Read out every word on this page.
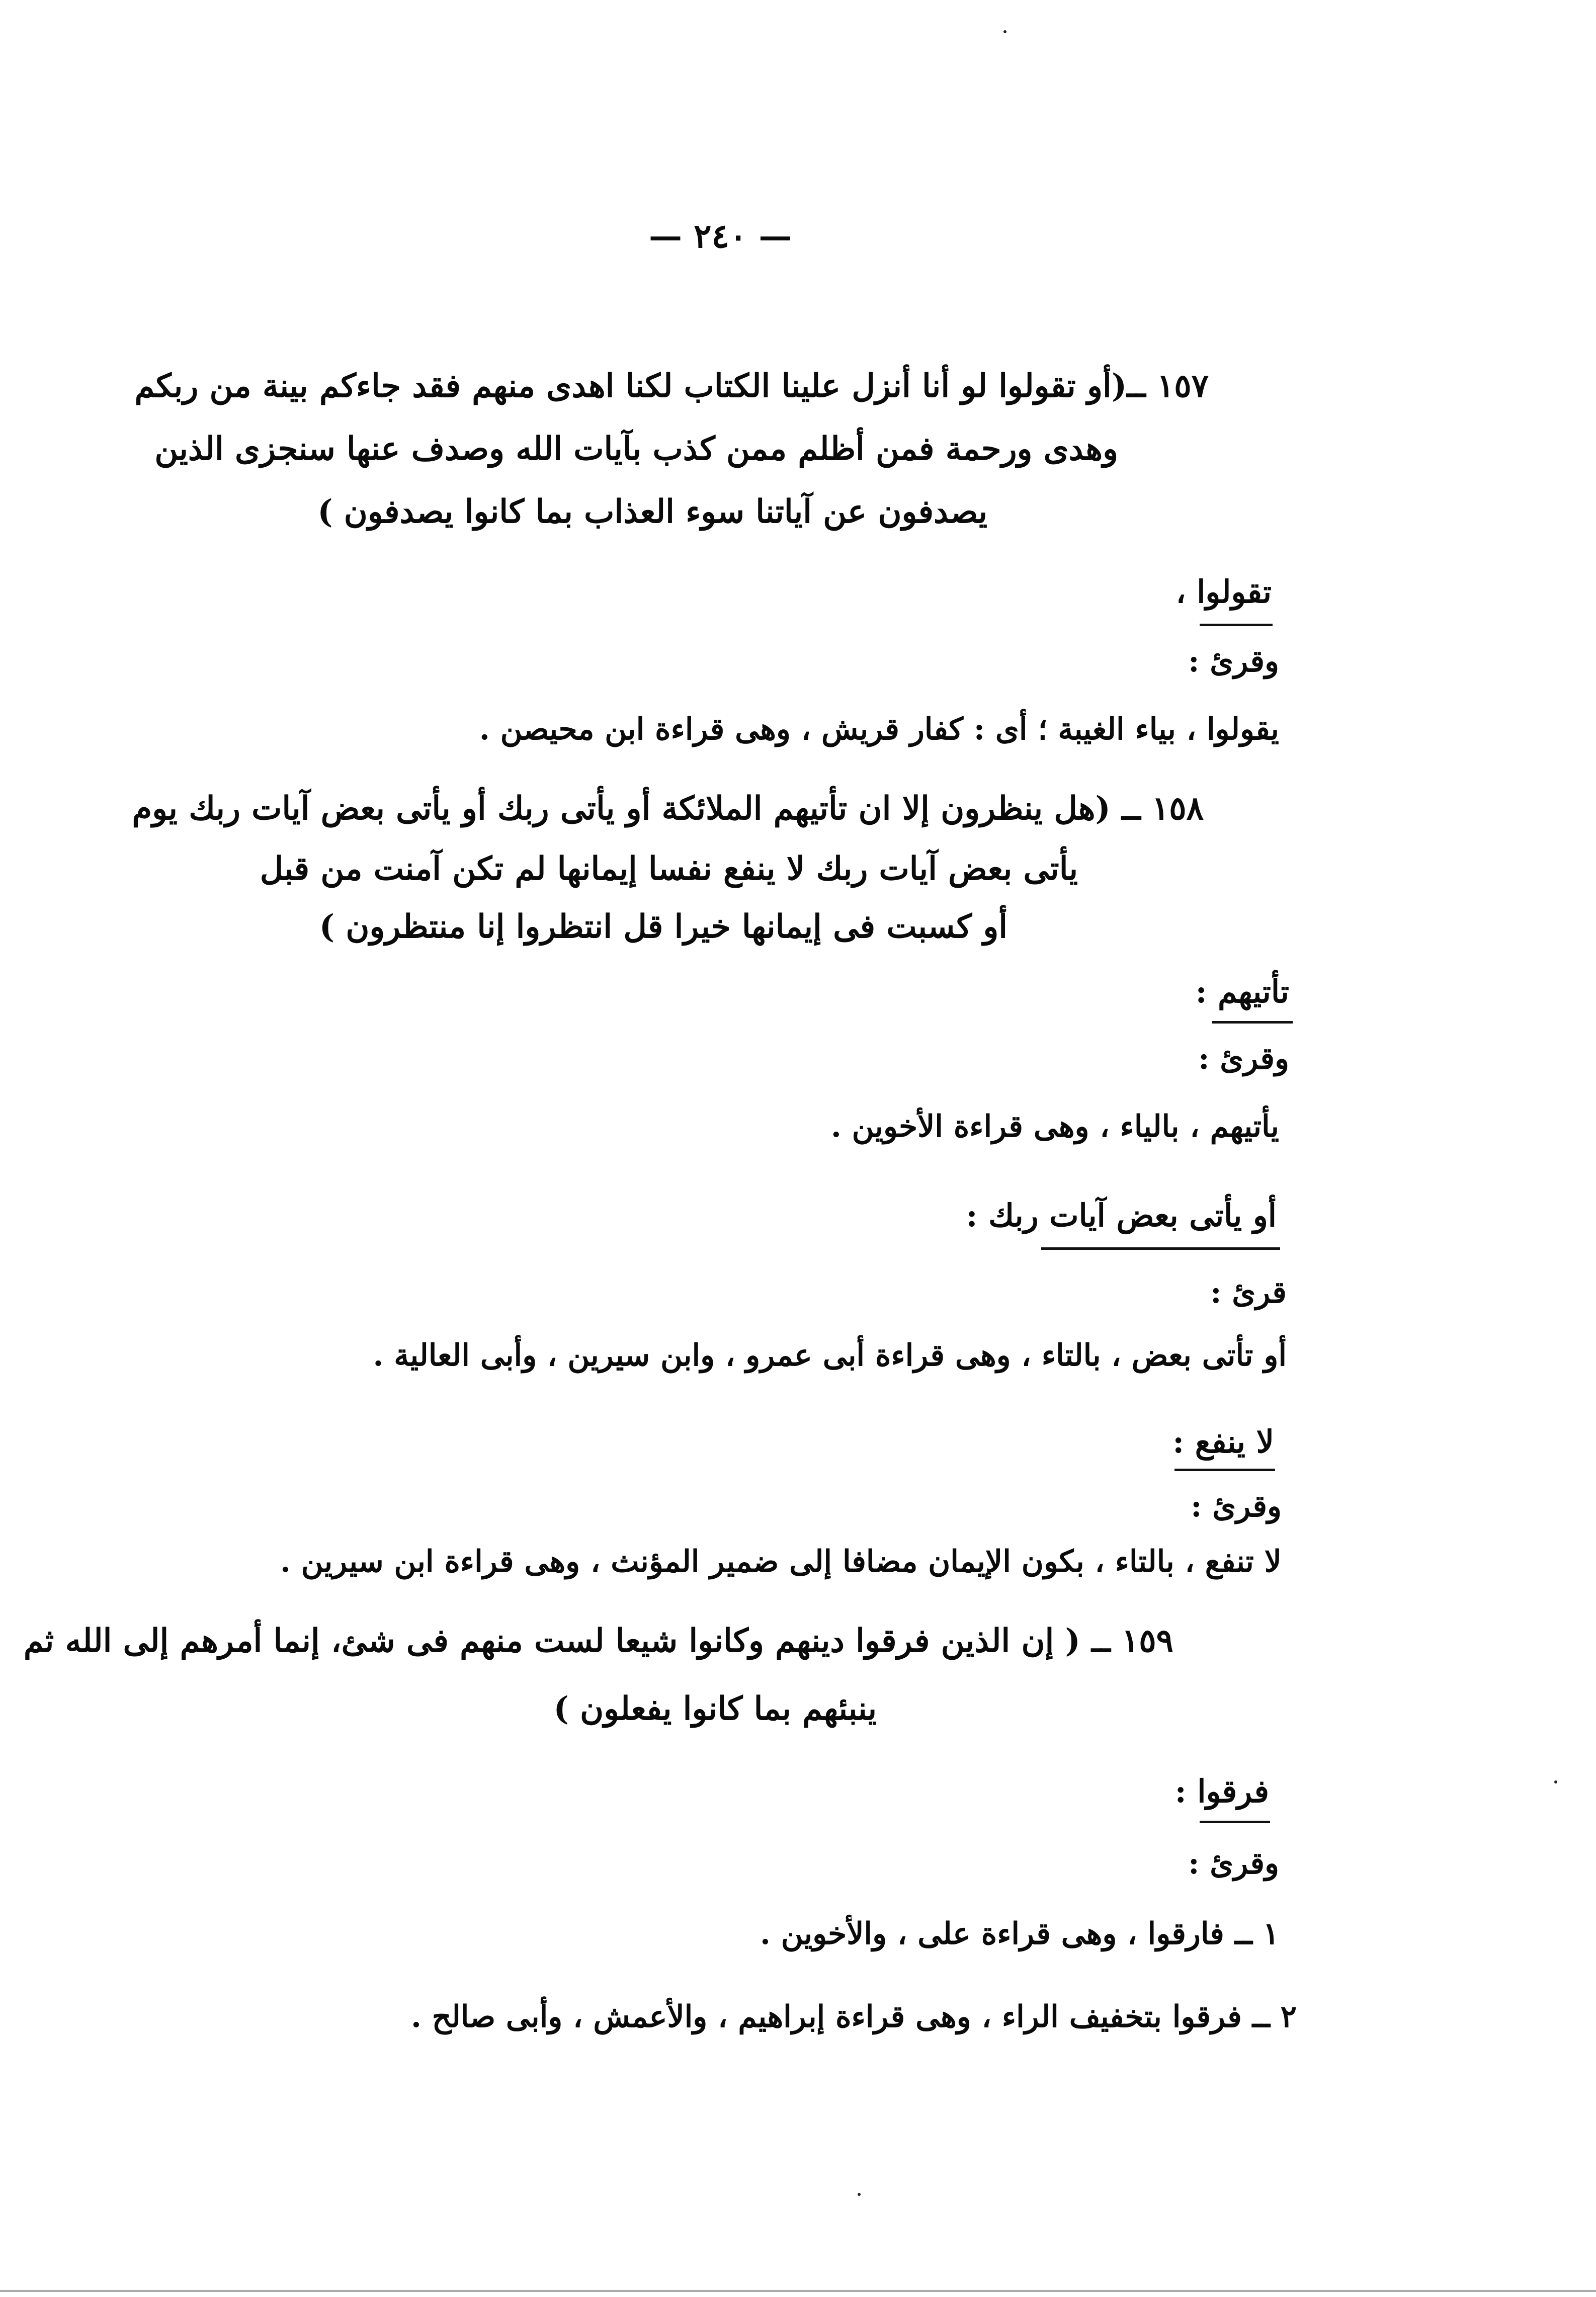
— ٢٤٠ —
١٥٧ ــ(أو تقولوا لو أنا أنزل علينا الكتاب لكنا اهدى منهم فقد جاءكم بينة من ربكم
وهدى ورحمة فمن أظلم ممن كذب بآيات الله وصدف عنها سنجزى الذين
يصدفون عن آياتنا سوء العذاب بما كانوا يصدفون )
تقولوا ،
وقرئ :
يقولوا ، بياء الغيبة ؛ أى : كفار قريش ، وهى قراءة ابن محيصن .
١٥٨ ــ (هل ينظرون إلا ان تأتيهم الملائكة أو يأتى ربك أو يأتى بعض آيات ربك يوم
يأتى بعض آيات ربك لا ينفع نفسا إيمانها لم تكن آمنت من قبل
أو كسبت فى إيمانها خيرا قل انتظروا إنا منتظرون )
تأتيهم :
وقرئ :
يأتيهم ، بالياء ، وهى قراءة الأخوين .
أو يأتى بعض آيات ربك :
قرئ :
أو تأتى بعض ، بالتاء ، وهى قراءة أبى عمرو ، وابن سيرين ، وأبى العالية .
لا ينفع :
وقرئ :
لا تنفع ، بالتاء ، بكون الإيمان مضافا إلى ضمير المؤنث ، وهى قراءة ابن سيرين .
١٥٩ ــ ( إن الذين فرقوا دينهم وكانوا شيعا لست منهم فى شئ، إنما أمرهم إلى الله ثم
ينبئهم بما كانوا يفعلون )
فرقوا :
وقرئ :
١ ــ فارقوا ، وهى قراءة على ، والأخوين .
٢ ــ فرقوا بتخفيف الراء ، وهى قراءة إبراهيم ، والأعمش ، وأبى صالح .
